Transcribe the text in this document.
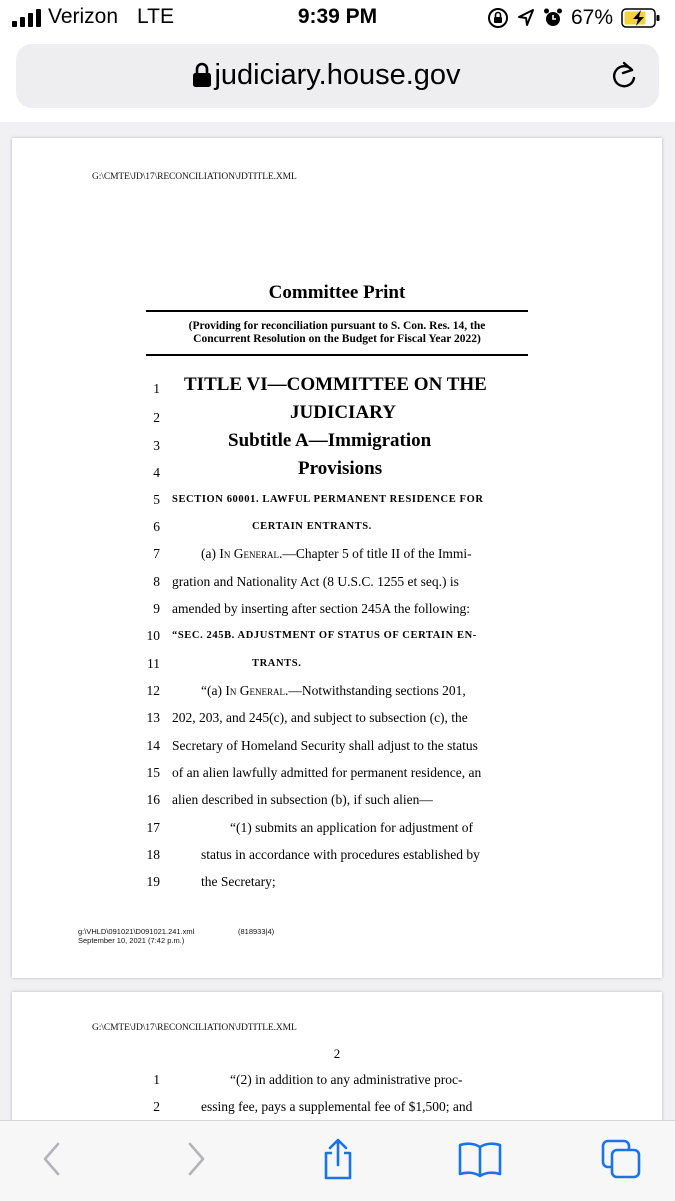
Verizon LTE	9:39 PM	67%
judiciary.house.gov
G:\CMTE\JD\17\RECONCILIATION\JDTITLE.XML
Committee Print
(Providing for reconciliation pursuant to S. Con. Res. 14, the
Concurrent Resolution on the Budget for Fiscal Year 2022)
1 TITLE VI—COMMITTEE ON THE
2	JUDICIARY
3	Subtitle A—Immigration
4	Provisions
5 SECTION 60001. LAWFUL PERMANENT RESIDENCE FOR
6	CERTAIN ENTRANTS.
7	(a) In General.—Chapter 5 of title II of the Immi-
8 gration and Nationality Act (8 U.S.C. 1255 et seq.) is
9 amended by inserting after section 245A the following:
10 “SEC. 245B. ADJUSTMENT OF STATUS OF CERTAIN EN-
11	TRANTS.
12	“(a) In General.—Notwithstanding sections 201,
13 202, 203, and 245(c), and subject to subsection (c), the
14 Secretary of Homeland Security shall adjust to the status
15 of an alien lawfully admitted for permanent residence, an
16 alien described in subsection (b), if such alien—
17	“(1) submits an application for adjustment of
18	status in accordance with procedures established by
19	the Secretary;
g:\VHLD\091021\D091021.241.xml
September 10, 2021 (7:42 p.m.)
(818933|4)
G:\CMTE\JD\17\RECONCILIATION\JDTITLE.XML
2
1	“(2) in addition to any administrative proc-
2	essing fee, pays a supplemental fee of $1,500; and
